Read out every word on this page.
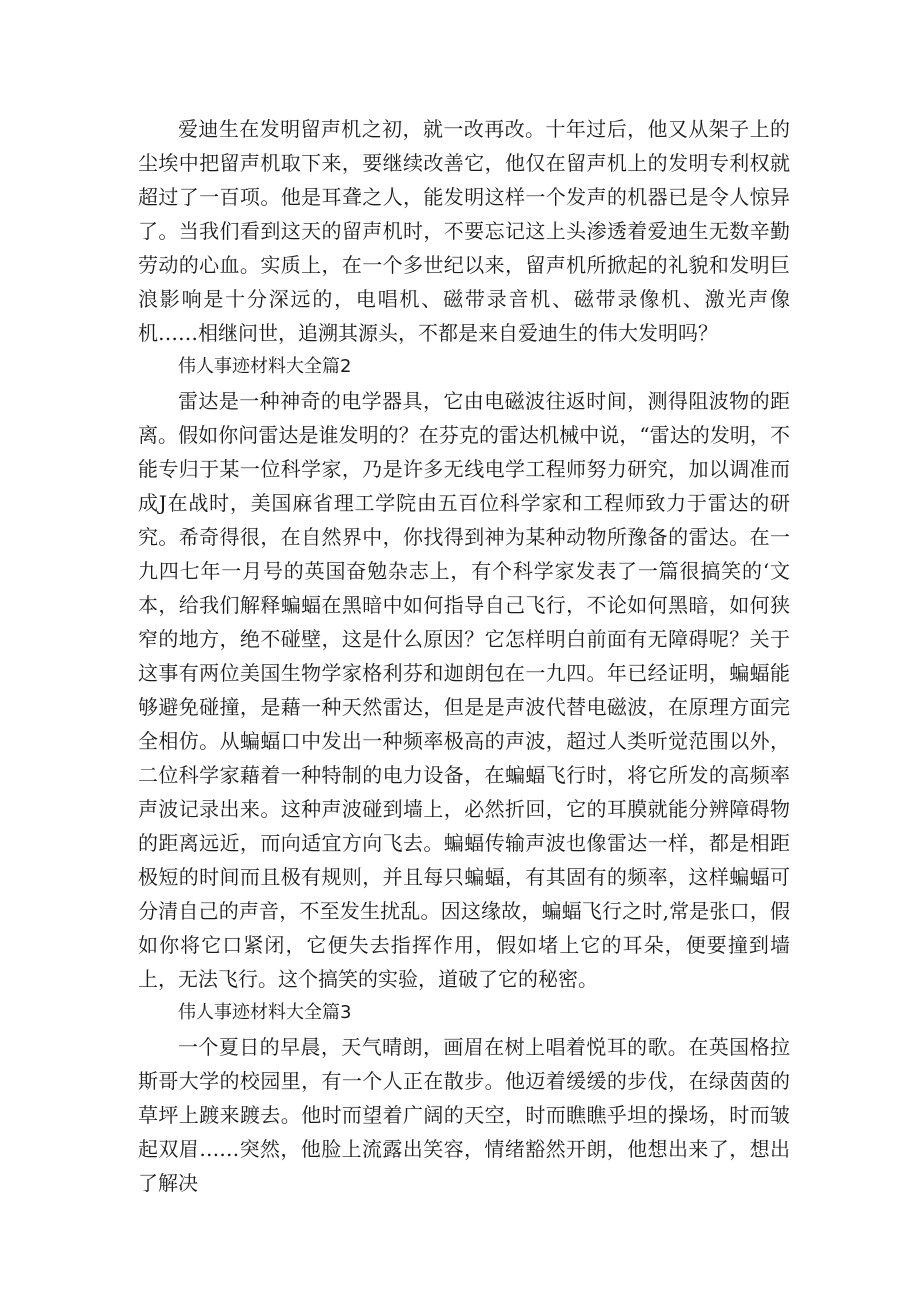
爱迪生在发明留声机之初，就一改再改。十年过后，他又从架子上的尘埃中把留声机取下来，要继续改善它，他仅在留声机上的发明专利权就超过了一百项。他是耳聋之人，能发明这样一个发声的机器已是令人惊异了。当我们看到这天的留声机时，不要忘记这上头渗透着爱迪生无数辛勤劳动的心血。实质上，在一个多世纪以来，留声机所掀起的礼貌和发明巨浪影响是十分深远的，电唱机、磁带录音机、磁带录像机、激光声像机……相继问世，追溯其源头，不都是来自爱迪生的伟大发明吗？

伟人事迹材料大全篇2

雷达是一种神奇的电学器具，它由电磁波往返时间，测得阻波物的距离。假如你问雷达是谁发明的？在芬克的雷达机械中说，“雷达的发明，不能专归于某一位科学家，乃是许多无线电学工程师努力研究，加以调准而成J在战时，美国麻省理工学院由五百位科学家和工程师致力于雷达的研究。希奇得很，在自然界中，你找得到神为某种动物所豫备的雷达。在一九四七年一月号的英国奋勉杂志上，有个科学家发表了一篇很搞笑的‘文本，给我们解释蝙蝠在黑暗中如何指导自己飞行，不论如何黑暗，如何狭窄的地方，绝不碰壁，这是什么原因？它怎样明白前面有无障碍呢？关于这事有两位美国生物学家格利芬和迦朗包在一九四。年已经证明，蝙蝠能够避免碰撞，是藉一种天然雷达，但是是声波代替电磁波，在原理方面完全相仿。从蝙蝠口中发出一种频率极高的声波，超过人类听觉范围以外，二位科学家藉着一种特制的电力设备，在蝙蝠飞行时，将它所发的高频率声波记录出来。这种声波碰到墙上，必然折回，它的耳膜就能分辨障碍物的距离远近，而向适宜方向飞去。蝙蝠传输声波也像雷达一样，都是相距极短的时间而且极有规则，并且每只蝙蝠，有其固有的频率，这样蝙蝠可分清自己的声音，不至发生扰乱。因这缘故，蝙蝠飞行之时,常是张口，假如你将它口紧闭，它便失去指挥作用，假如堵上它的耳朵，便要撞到墙上，无法飞行。这个搞笑的实验，道破了它的秘密。

伟人事迹材料大全篇3

一个夏日的早晨，天气晴朗，画眉在树上唱着悦耳的歌。在英国格拉斯哥大学的校园里，有一个人正在散步。他迈着缓缓的步伐，在绿茵茵的草坪上踱来踱去。他时而望着广阔的天空，时而瞧瞧乎坦的操场，时而皱起双眉……突然，他脸上流露出笑容，情绪豁然开朗，他想出来了，想出了解决
